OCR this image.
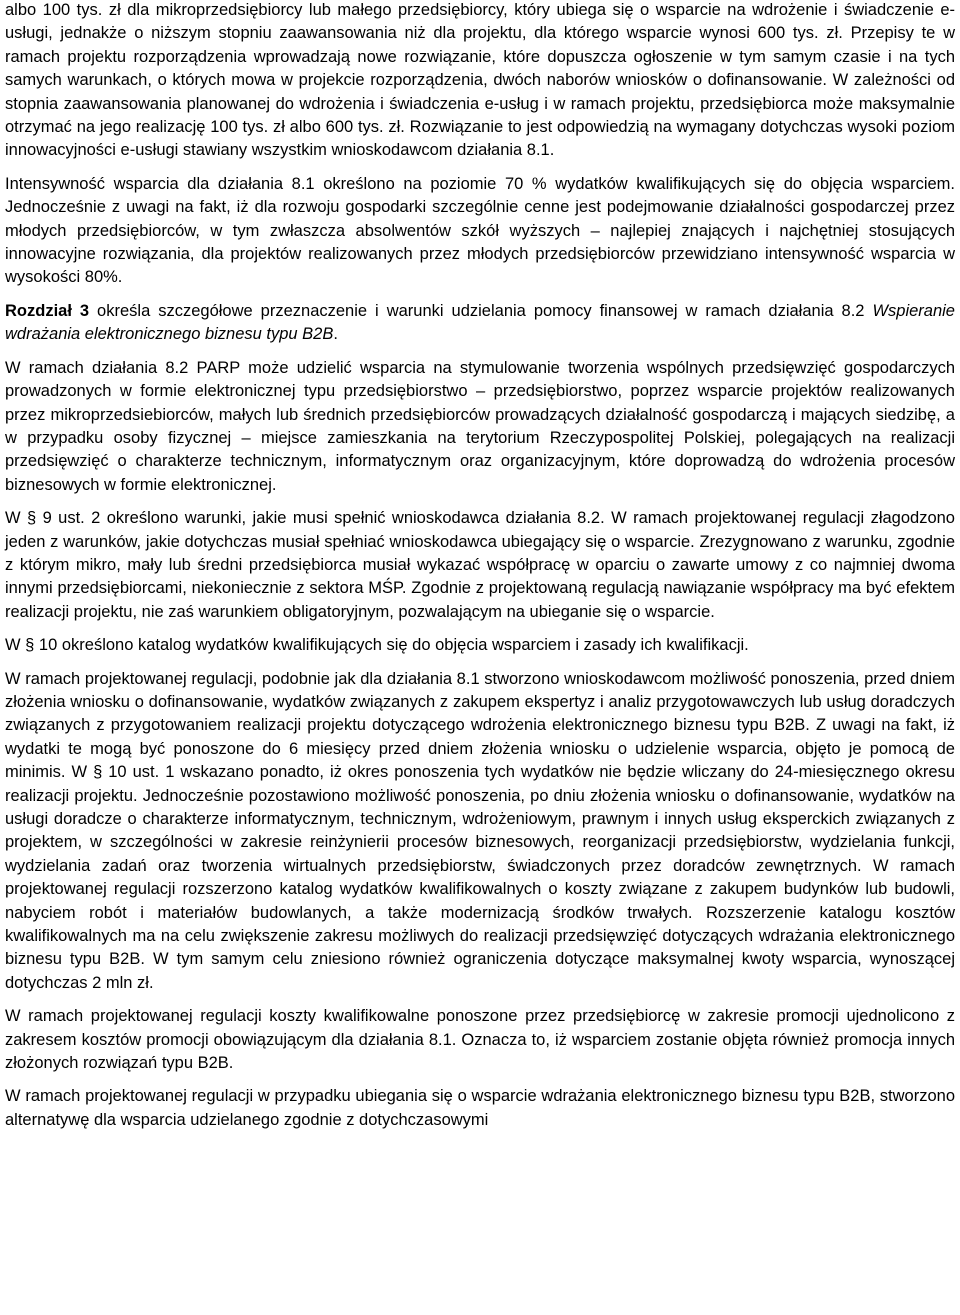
albo 100 tys. zł dla mikroprzedsiębiorcy lub małego przedsiębiorcy, który ubiega się o wsparcie na wdrożenie i świadczenie e-usługi, jednakże o niższym stopniu zaawansowania niż dla projektu, dla którego wsparcie wynosi 600 tys. zł. Przepisy te w ramach projektu rozporządzenia wprowadzają nowe rozwiązanie, które dopuszcza ogłoszenie w tym samym czasie i na tych samych warunkach, o których mowa w projekcie rozporządzenia, dwóch naborów wniosków o dofinansowanie. W zależności od stopnia zaawansowania planowanej do wdrożenia i świadczenia e-usług i w ramach projektu, przedsiębiorca może maksymalnie otrzymać na jego realizację 100 tys. zł albo 600 tys. zł. Rozwiązanie to jest odpowiedzią na wymagany dotychczas wysoki poziom innowacyjności e-usługi stawiany wszystkim wnioskodawcom działania 8.1.

Intensywność wsparcia dla działania 8.1 określono na poziomie 70 % wydatków kwalifikujących się do objęcia wsparciem. Jednocześnie z uwagi na fakt, iż dla rozwoju gospodarki szczególnie cenne jest podejmowanie działalności gospodarczej przez młodych przedsiębiorców, w tym zwłaszcza absolwentów szkół wyższych – najlepiej znających i najchętniej stosujących innowacyjne rozwiązania, dla projektów realizowanych przez młodych przedsiębiorców przewidziano intensywność wsparcia w wysokości 80%.

Rozdział 3 określa szczegółowe przeznaczenie i warunki udzielania pomocy finansowej w ramach działania 8.2 Wspieranie wdrażania elektronicznego biznesu typu B2B.

W ramach działania 8.2 PARP może udzielić wsparcia na stymulowanie tworzenia wspólnych przedsięwzięć gospodarczych prowadzonych w formie elektronicznej typu przedsiębiorstwo – przedsiębiorstwo, poprzez wsparcie projektów realizowanych przez mikroprzedsiebiorców, małych lub średnich przedsiębiorców prowadzących działalność gospodarczą i mających siedzibę, a w przypadku osoby fizycznej – miejsce zamieszkania na terytorium Rzeczypospolitej Polskiej, polegających na realizacji przedsięwzięć o charakterze technicznym, informatycznym oraz organizacyjnym, które doprowadzą do wdrożenia procesów biznesowych w formie elektronicznej.

W § 9 ust. 2 określono warunki, jakie musi spełnić wnioskodawca działania 8.2. W ramach projektowanej regulacji złagodzono jeden z warunków, jakie dotychczas musiał spełniać wnioskodawca ubiegający się o wsparcie. Zrezygnowano z warunku, zgodnie z którym mikro, mały lub średni przedsiębiorca musiał wykazać współpracę w oparciu o zawarte umowy z co najmniej dwoma innymi przedsiębiorcami, niekoniecznie z sektora MŚP. Zgodnie z projektowaną regulacją nawiązanie współpracy ma być efektem realizacji projektu, nie zaś warunkiem obligatoryjnym, pozwalającym na ubieganie się o wsparcie.

W § 10 określono katalog wydatków kwalifikujących się do objęcia wsparciem i zasady ich kwalifikacji.

W ramach projektowanej regulacji, podobnie jak dla działania 8.1 stworzono wnioskodawcom możliwość ponoszenia, przed dniem złożenia wniosku o dofinansowanie, wydatków związanych z zakupem ekspertyz i analiz przygotowawczych lub usług doradczych związanych z przygotowaniem realizacji projektu dotyczącego wdrożenia elektronicznego biznesu typu B2B. Z uwagi na fakt, iż wydatki te mogą być ponoszone do 6 miesięcy przed dniem złożenia wniosku o udzielenie wsparcia, objęto je pomocą de minimis. W § 10 ust. 1 wskazano ponadto, iż okres ponoszenia tych wydatków nie będzie wliczany do 24-miesięcznego okresu realizacji projektu. Jednocześnie pozostawiono możliwość ponoszenia, po dniu złożenia wniosku o dofinansowanie, wydatków na usługi doradcze o charakterze informatycznym, technicznym, wdrożeniowym, prawnym i innych usług eksperckich związanych z projektem, w szczególności w zakresie reinżynierii procesów biznesowych, reorganizacji przedsiębiorstw, wydzielania funkcji, wydzielania zadań oraz tworzenia wirtualnych przedsiębiorstw, świadczonych przez doradców zewnętrznych. W ramach projektowanej regulacji rozszerzono katalog wydatków kwalifikowalnych o koszty związane z zakupem budynków lub budowli, nabyciem robót i materiałów budowlanych, a także modernizacją środków trwałych. Rozszerzenie katalogu kosztów kwalifikowalnych ma na celu zwiększenie zakresu możliwych do realizacji przedsięwzięć dotyczących wdrażania elektronicznego biznesu typu B2B. W tym samym celu zniesiono również ograniczenia dotyczące maksymalnej kwoty wsparcia, wynoszącej dotychczas 2 mln zł.

W ramach projektowanej regulacji koszty kwalifikowalne ponoszone przez przedsiębiorcę w zakresie promocji ujednolicono z zakresem kosztów promocji obowiązującym dla działania 8.1. Oznacza to, iż wsparciem zostanie objęta również promocja innych złożonych rozwiązań typu B2B.

W ramach projektowanej regulacji w przypadku ubiegania się o wsparcie wdrażania elektronicznego biznesu typu B2B, stworzono alternatywę dla wsparcia udzielanego zgodnie z dotychczasowymi
